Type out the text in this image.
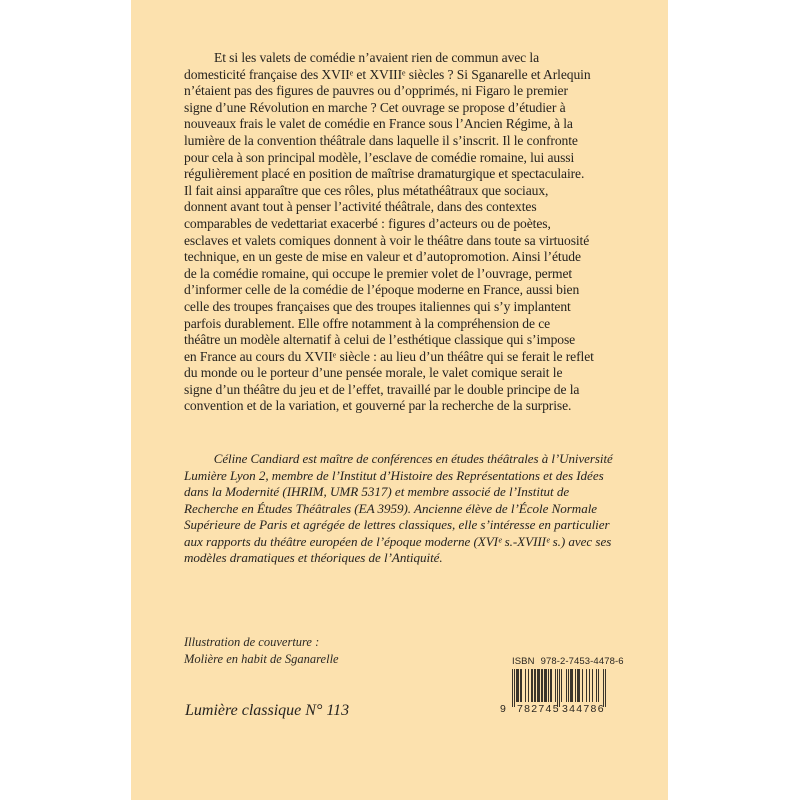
Et si les valets de comédie n’avaient rien de commun avec la
domesticité française des XVIIᵉ et XVIIIᵉ siècles ? Si Sganarelle et Arlequin
n’étaient pas des figures de pauvres ou d’opprimés, ni Figaro le premier
signe d’une Révolution en marche ? Cet ouvrage se propose d’étudier à
nouveaux frais le valet de comédie en France sous l’Ancien Régime, à la
lumière de la convention théâtrale dans laquelle il s’inscrit. Il le confronte
pour cela à son principal modèle, l’esclave de comédie romaine, lui aussi
régulièrement placé en position de maîtrise dramaturgique et spectaculaire.
Il fait ainsi apparaître que ces rôles, plus métathéâtraux que sociaux,
donnent avant tout à penser l’activité théâtrale, dans des contextes
comparables de vedettariat exacerbé : figures d’acteurs ou de poètes,
esclaves et valets comiques donnent à voir le théâtre dans toute sa virtuosité
technique, en un geste de mise en valeur et d’autopromotion. Ainsi l’étude
de la comédie romaine, qui occupe le premier volet de l’ouvrage, permet
d’informer celle de la comédie de l’époque moderne en France, aussi bien
celle des troupes françaises que des troupes italiennes qui s’y implantent
parfois durablement. Elle offre notamment à la compréhension de ce
théâtre un modèle alternatif à celui de l’esthétique classique qui s’impose
en France au cours du XVIIᵉ siècle : au lieu d’un théâtre qui se ferait le reflet
du monde ou le porteur d’une pensée morale, le valet comique serait le
signe d’un théâtre du jeu et de l’effet, travaillé par le double principe de la
convention et de la variation, et gouverné par la recherche de la surprise.
Céline Candiard est maître de conférences en études théâtrales à l’Université
Lumière Lyon 2, membre de l’Institut d’Histoire des Représentations et des Idées
dans la Modernité (IHRIM, UMR 5317) et membre associé de l’Institut de
Recherche en Études Théâtrales (EA 3959). Ancienne élève de l’École Normale
Supérieure de Paris et agrégée de lettres classiques, elle s’intéresse en particulier
aux rapports du théâtre européen de l’époque moderne (XVIᵉ s.-XVIIIᵉ s.) avec ses
modèles dramatiques et théoriques de l’Antiquité.
Illustration de couverture :
Molière en habit de Sganarelle
Lumière classique N° 113
ISBN 978-2-7453-4478-6
9 782745 344786
